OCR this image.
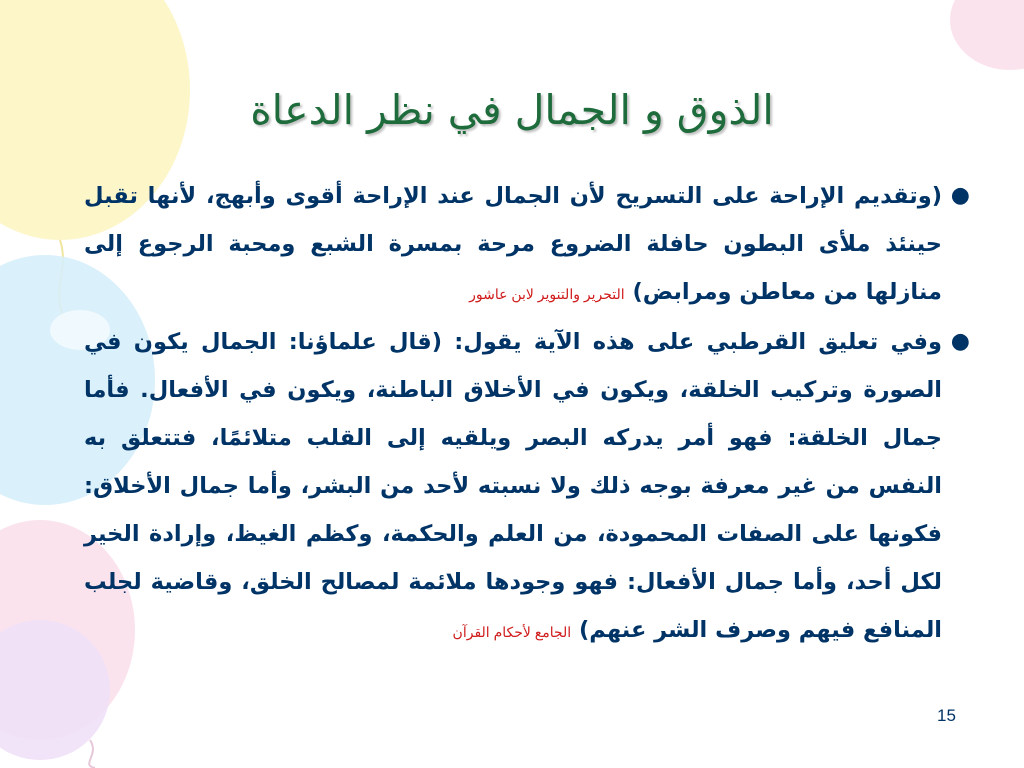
الذوق و الجمال في نظر الدعاة
●
(وتقديم الإراحة على التسريح لأن الجمال عند الإراحة أقوى وأبهج، لأنها تقبل حينئذ ملأى البطون حافلة الضروع مرحة بمسرة الشبع ومحبة الرجوع إلى منازلها من معاطن ومرابض) التحرير والتنوير لابن عاشور
●
وفي تعليق القرطبي على هذه الآية يقول: (قال علماؤنا: الجمال يكون في الصورة وتركيب الخلقة، ويكون في الأخلاق الباطنة، ويكون في الأفعال. فأما جمال الخلقة: فهو أمر يدركه البصر ويلقيه إلى القلب متلائمًا، فتتعلق به النفس من غير معرفة بوجه ذلك ولا نسبته لأحد من البشر، وأما جمال الأخلاق: فكونها على الصفات المحمودة، من العلم والحكمة، وكظم الغيظ، وإرادة الخير لكل أحد، وأما جمال الأفعال: فهو وجودها ملائمة لمصالح الخلق، وقاضية لجلب المنافع فيهم وصرف الشر عنهم) الجامع لأحكام القرآن
15
